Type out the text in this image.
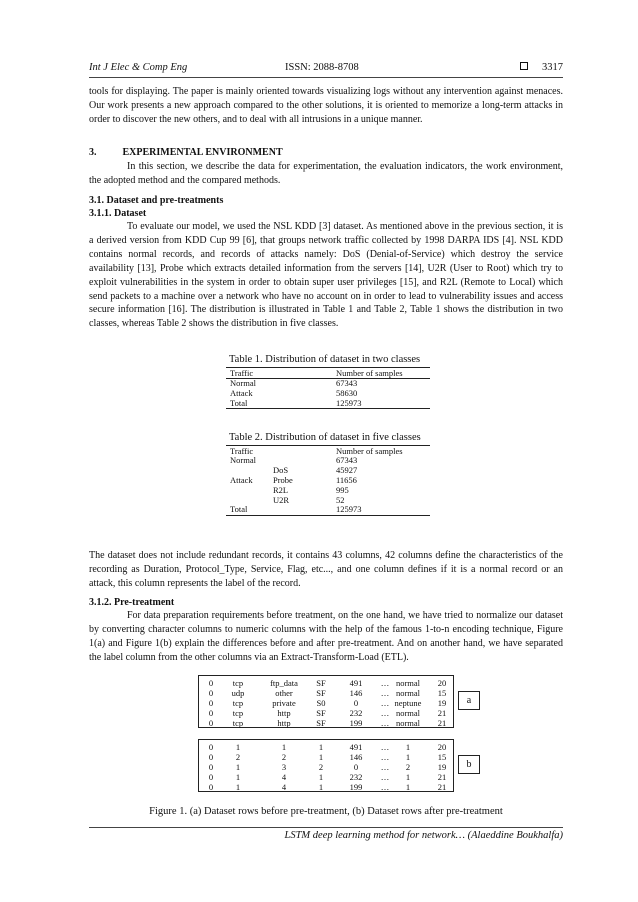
Int J Elec & Comp Eng	ISSN: 2088-8708	3317

tools for displaying. The paper is mainly oriented towards visualizing logs without any intervention against menaces. Our work presents a new approach compared to the other solutions, it is oriented to memorize a long-term attacks in order to discover the new others, and to deal with all intrusions in a unique manner.

3.	EXPERIMENTAL ENVIRONMENT

In this section, we describe the data for experimentation, the evaluation indicators, the work environment, the adopted method and the compared methods.

3.1. Dataset and pre-treatments
3.1.1. Dataset

To evaluate our model, we used the NSL KDD [3] dataset. As mentioned above in the previous section, it is a derived version from KDD Cup 99 [6], that groups network traffic collected by 1998 DARPA IDS [4]. NSL KDD contains normal records, and records of attacks namely: DoS (Denial-of-Service) which destroy the service availability [13], Probe which extracts detailed information from the servers [14], U2R (User to Root) which try to exploit vulnerabilities in the system in order to obtain super user privileges [15], and R2L (Remote to Local) which send packets to a machine over a network who have no account on in order to lead to vulnerability issues and access secure information [16]. The distribution is illustrated in Table 1 and Table 2, Table 1 shows the distribution in two classes, whereas Table 2 shows the distribution in five classes.

Table 1. Distribution of dataset in two classes
Traffic	Number of samples
Normal	67343
Attack	58630
Total	125973
Table 2. Distribution of dataset in five classes
Traffic	Number of samples
Normal	67343
DoS	45927
Attack Probe	11656
R2L	995
U2R	52
Total	125973

The dataset does not include redundant records, it contains 43 columns, 42 columns define the characteristics of the recording as Duration, Protocol_Type, Service, Flag, etc..., and one column defines if it is a normal record or an attack, this column represents the label of the record.

3.1.2. Pre-treatment

For data preparation requirements before treatment, on the one hand, we have tried to normalize our dataset by converting character columns to numeric columns with the help of the famous 1-to-n encoding technique, Figure 1(a) and Figure 1(b) explain the differences before and after pre-treatment. And on another hand, we have separated the label column from the other columns via an Extract-Transform-Load (ETL).

0	tcp	ftp_data	SF	491	… normal	20
0	udp	other	SF	146	… normal	15
0	tcp	private	S0	0	… neptune	19
0	tcp	http	SF	232	… normal	21
0	tcp	http	SF	199	… normal	21
a
0	1	1	1	491	…	1	20
0	2	2	1	146	…	1	15
0	1	3	2	0	…	2	19
0	1	4	1	232	…	1	21
0	1	4	1	199	…	1	21
b
Figure 1. (a) Dataset rows before pre-treatment, (b) Dataset rows after pre-treatment
LSTM deep learning method for network… (Alaeddine Boukhalfa)
